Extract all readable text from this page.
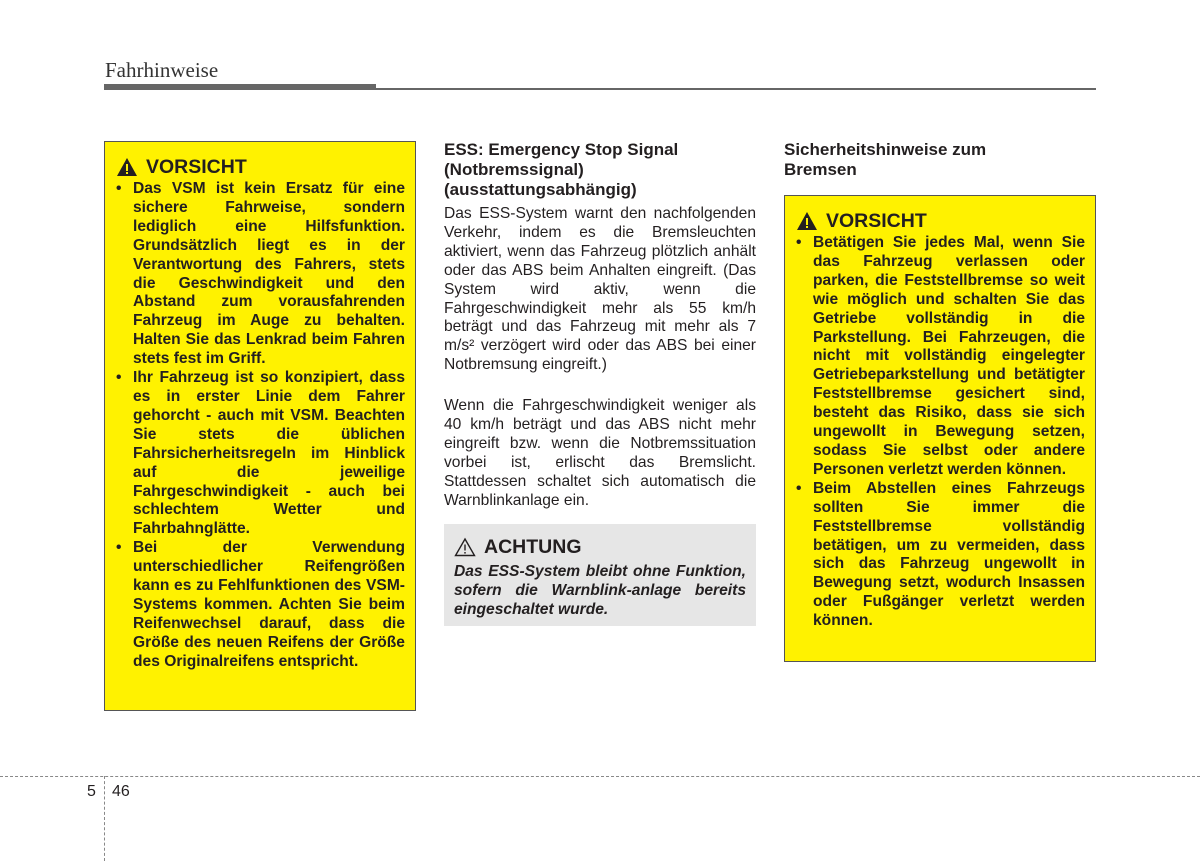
Fahrhinweise
VORSICHT
• Das VSM ist kein Ersatz für eine sichere Fahrweise, sondern lediglich eine Hilfsfunktion. Grundsätzlich liegt es in der Verantwortung des Fahrers, stets die Geschwindigkeit und den Abstand zum vorausfahrenden Fahrzeug im Auge zu behalten. Halten Sie das Lenkrad beim Fahren stets fest im Griff.
• Ihr Fahrzeug ist so konzipiert, dass es in erster Linie dem Fahrer gehorcht - auch mit VSM. Beachten Sie stets die üblichen Fahrsicherheitsregeln im Hinblick auf die jeweilige Fahrgeschwindigkeit - auch bei schlechtem Wetter und Fahrbahnglätte.
• Bei der Verwendung unterschiedlicher Reifengrößen kann es zu Fehlfunktionen des VSM-Systems kommen. Achten Sie beim Reifenwechsel darauf, dass die Größe des neuen Reifens der Größe des Originalreifens entspricht.
ESS: Emergency Stop Signal (Notbremssignal) (ausstattungsabhängig)

Das ESS-System warnt den nachfolgenden Verkehr, indem es die Bremsleuchten aktiviert, wenn das Fahrzeug plötzlich anhält oder das ABS beim Anhalten eingreift. (Das System wird aktiv, wenn die Fahrgeschwindigkeit mehr als 55 km/h beträgt und das Fahrzeug mit mehr als 7 m/s² verzögert wird oder das ABS bei einer Notbremsung eingreift.)

Wenn die Fahrgeschwindigkeit weniger als 40 km/h beträgt und das ABS nicht mehr eingreift bzw. wenn die Notbremssituation vorbei ist, erlischt das Bremslicht. Stattdessen schaltet sich automatisch die Warnblinkanlage ein.

ACHTUNG
Das ESS-System bleibt ohne Funktion, sofern die Warnblink-anlage bereits eingeschaltet wurde.
Sicherheitshinweise zum Bremsen
VORSICHT
• Betätigen Sie jedes Mal, wenn Sie das Fahrzeug verlassen oder parken, die Feststellbremse so weit wie möglich und schalten Sie das Getriebe vollständig in die Parkstellung. Bei Fahrzeugen, die nicht mit vollständig eingelegter Getriebeparkstellung und betätigter Feststellbremse gesichert sind, besteht das Risiko, dass sie sich ungewollt in Bewegung setzen, sodass Sie selbst oder andere Personen verletzt werden können.
• Beim Abstellen eines Fahrzeugs sollten Sie immer die Feststellbremse vollständig betätigen, um zu vermeiden, dass sich das Fahrzeug ungewollt in Bewegung setzt, wodurch Insassen oder Fußgänger verletzt werden können.
5 46
